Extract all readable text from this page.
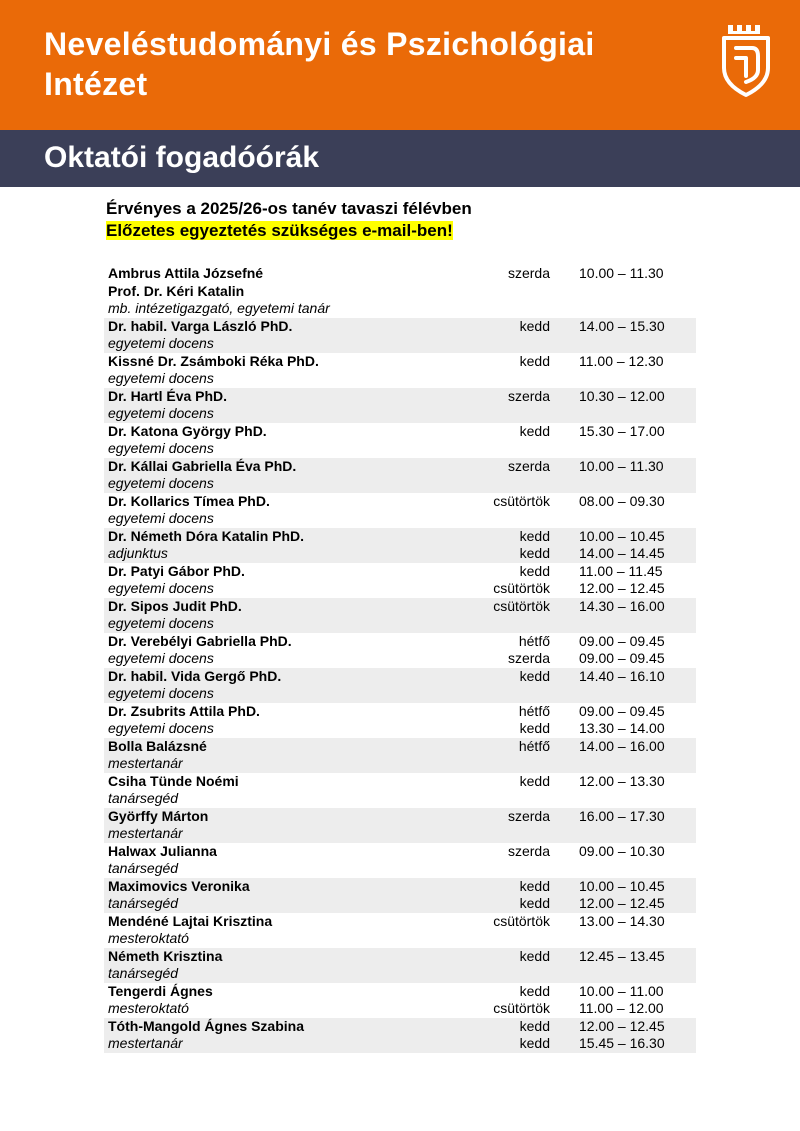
Neveléstudományi és Pszichológiai Intézet
Oktatói fogadóórák
Érvényes a 2025/26-os tanév tavaszi félévben
Előzetes egyeztetés szükséges e-mail-ben!
Ambrus Attila Józsefné	szerda 10.00 – 11.30
Prof. Dr. Kéri Katalin
mb. intézetigazgató, egyetemi tanár
Dr. habil. Varga László PhD.	kedd 14.00 – 15.30
egyetemi docens
Kissné Dr. Zsámboki Réka PhD.	kedd 11.00 – 12.30
egyetemi docens
Dr. Hartl Éva PhD.	szerda 10.30 – 12.00
egyetemi docens
Dr. Katona György PhD.	kedd 15.30 – 17.00
egyetemi docens
Dr. Kállai Gabriella Éva PhD.	szerda 10.00 – 11.30
egyetemi docens
Dr. Kollarics Tímea PhD.	csütörtök 08.00 – 09.30
egyetemi docens
Dr. Németh Dóra Katalin PhD.	kedd 10.00 – 10.45
adjunktus	kedd 14.00 – 14.45
Dr. Patyi Gábor PhD.	kedd 11.00 – 11.45
egyetemi docens	csütörtök 12.00 – 12.45
Dr. Sipos Judit PhD.	csütörtök 14.30 – 16.00
egyetemi docens
Dr. Verebélyi Gabriella PhD.	hétfő 09.00 – 09.45
egyetemi docens	szerda 09.00 – 09.45
Dr. habil. Vida Gergő PhD.	kedd 14.40 – 16.10
egyetemi docens
Dr. Zsubrits Attila PhD.	hétfő 09.00 – 09.45
egyetemi docens	kedd 13.30 – 14.00
Bolla Balázsné	hétfő 14.00 – 16.00
mestertanár
Csiha Tünde Noémi	kedd 12.00 – 13.30
tanársegéd
Györffy Márton	szerda 16.00 – 17.30
mestertanár
Halwax Julianna	szerda 09.00 – 10.30
tanársegéd
Maximovics Veronika	kedd 10.00 – 10.45
tanársegéd	kedd 12.00 – 12.45
Mendéné Lajtai Krisztina	csütörtök 13.00 – 14.30
mesteroktató
Németh Krisztina	kedd 12.45 – 13.45
tanársegéd
Tengerdi Ágnes	kedd 10.00 – 11.00
mesteroktató	csütörtök 11.00 – 12.00
Tóth-Mangold Ágnes Szabina	kedd 12.00 – 12.45
mestertanár	kedd 15.45 – 16.30
